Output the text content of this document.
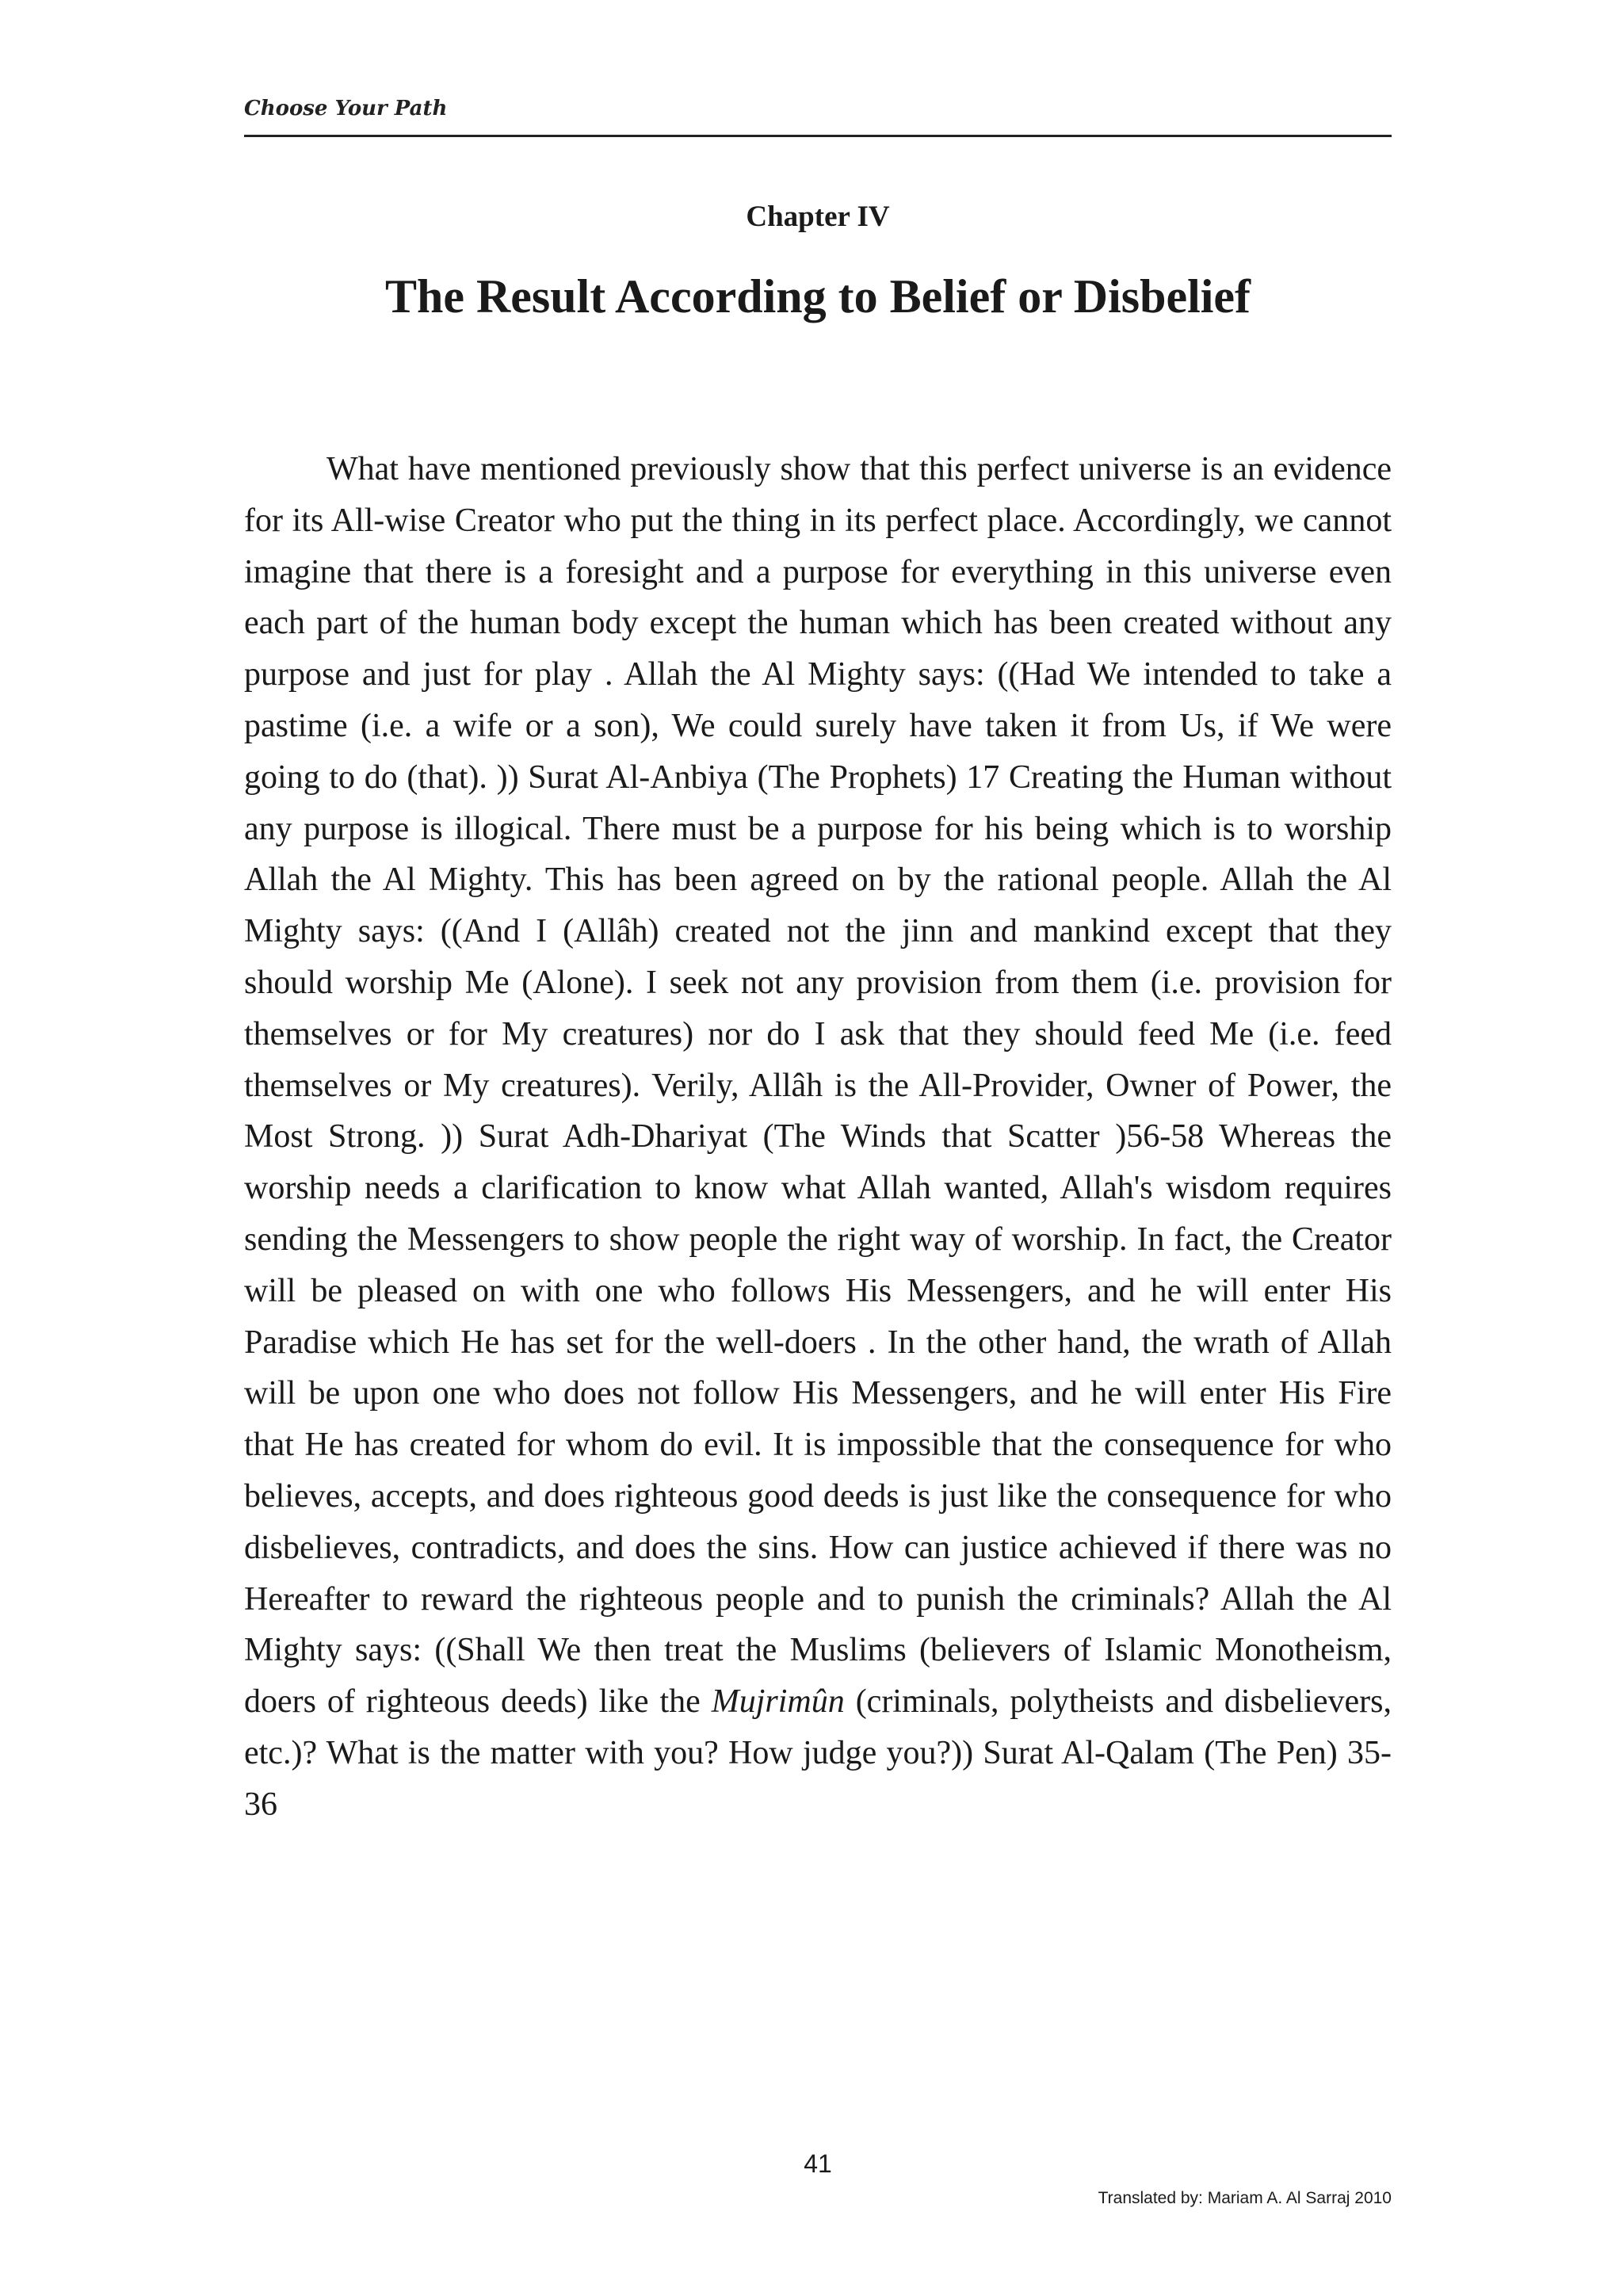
Choose Your Path
Chapter IV
The Result According to Belief or Disbelief

What have mentioned previously show that this perfect universe is an evidence for its All-wise Creator who put the thing in its perfect place. Accordingly, we cannot imagine that there is a foresight and a purpose for everything in this universe even each part of the human body except the human which has been created without any purpose and just for play . Allah the Al Mighty says: ((Had We intended to take a pastime (i.e. a wife or a son), We could surely have taken it from Us, if We were going to do (that). )) Surat Al-Anbiya (The Prophets) 17 Creating the Human without any purpose is illogical. There must be a purpose for his being which is to worship Allah the Al Mighty. This has been agreed on by the rational people. Allah the Al Mighty says: ((And I (Allâh) created not the jinn and mankind except that they should worship Me (Alone). I seek not any provision from them (i.e. provision for themselves or for My creatures) nor do I ask that they should feed Me (i.e. feed themselves or My creatures). Verily, Allâh is the All-Provider, Owner of Power, the Most Strong. )) Surat Adh-Dhariyat (The Winds that Scatter )56-58 Whereas the worship needs a clarification to know what Allah wanted, Allah's wisdom requires sending the Messengers to show people the right way of worship. In fact, the Creator will be pleased on with one who follows His Messengers, and he will enter His Paradise which He has set for the well-doers . In the other hand, the wrath of Allah will be upon one who does not follow His Messengers, and he will enter His Fire that He has created for whom do evil. It is impossible that the consequence for who believes, accepts, and does righteous good deeds is just like the consequence for who disbelieves, contradicts, and does the sins. How can justice achieved if there was no Hereafter to reward the righteous people and to punish the criminals? Allah the Al Mighty says: ((Shall We then treat the Muslims (believers of Islamic Monotheism, doers of righteous deeds) like the Mujrimûn (criminals, polytheists and disbelievers, etc.)? What is the matter with you? How judge you?)) Surat Al-Qalam (The Pen) 35-36

41
Translated by: Mariam A. Al Sarraj 2010
